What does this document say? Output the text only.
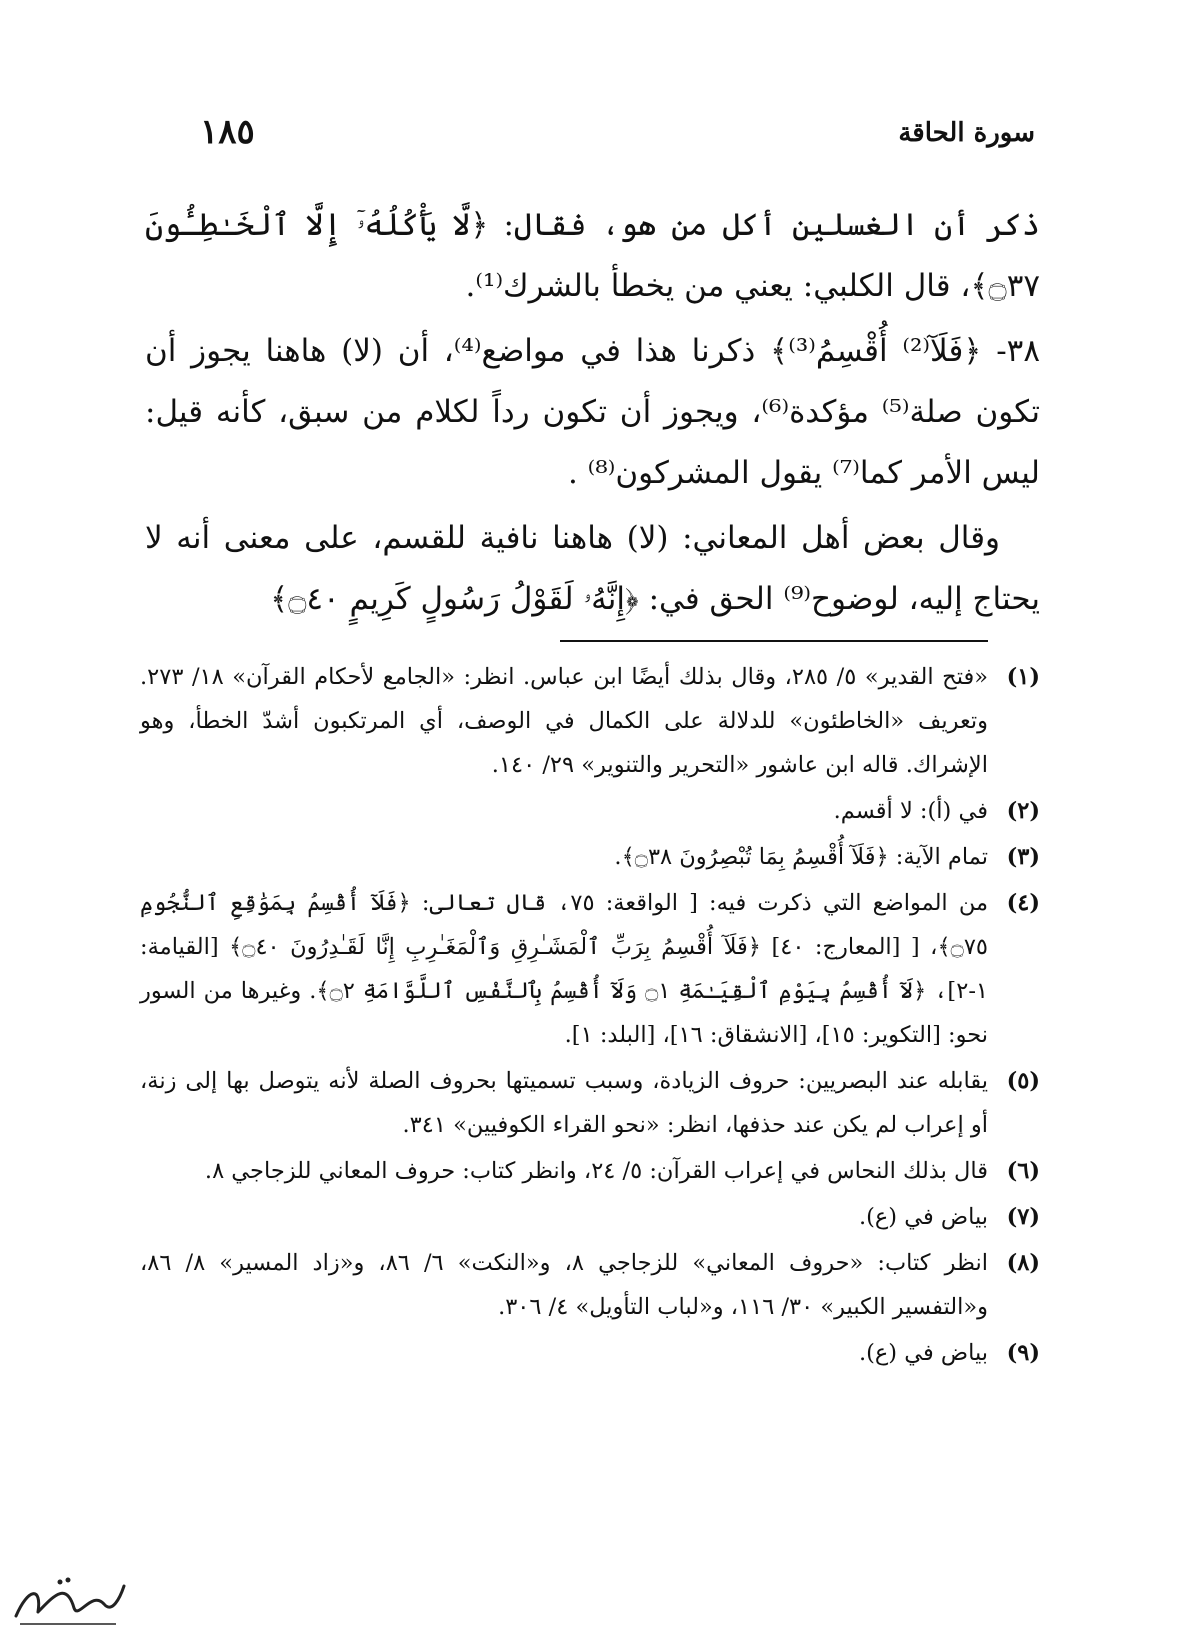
سورة الحاقة
١٨٥

ذكر أن الغسلين أكل من هو، فقال: ﴿لَّا يَأْكُلُهُۥٓ إِلَّا ٱلْخَـٰطِـُٔونَ ۝٣٧﴾، قال الكلبي: يعني من يخطأ بالشرك⁽¹⁾.

٣٨- ﴿فَلَآ⁽²⁾ أُقْسِمُ⁽³⁾﴾ ذكرنا هذا في مواضع⁽⁴⁾، أن (لا) هاهنا يجوز أن تكون صلة⁽⁵⁾ مؤكدة⁽⁶⁾، ويجوز أن تكون رداً لكلام من سبق، كأنه قيل: ليس الأمر كما⁽⁷⁾ يقول المشركون⁽⁸⁾ .

وقال بعض أهل المعاني: (لا) هاهنا نافية للقسم، على معنى أنه لا يحتاج إليه، لوضوح⁽⁹⁾ الحق في: ﴿إِنَّهُۥ لَقَوْلُ رَسُولٍ كَرِيمٍ ۝٤٠﴾

(١)
«فتح القدير» ٥/ ٢٨٥، وقال بذلك أيضًا ابن عباس. انظر: «الجامع لأحكام القرآن» ١٨/ ٢٧٣. وتعريف «الخاطئون» للدلالة على الكمال في الوصف، أي المرتكبون أشدّ الخطأ، وهو الإشراك. قاله ابن عاشور «التحرير والتنوير» ٢٩/ ١٤٠.
(٢)
في (أ): لا أقسم.
(٣)
تمام الآية: ﴿فَلَآ أُقْسِمُ بِمَا تُبْصِرُونَ ۝٣٨﴾.
(٤)
من المواضع التي ذكرت فيه: [ الواقعة: ٧٥، قال تعالى: ﴿فَلَآ أُقْسِمُ بِمَوَٰقِعِ ٱلنُّجُومِ ۝٧٥﴾، [ [المعارج: ٤٠] ﴿فَلَآ أُقْسِمُ بِرَبِّ ٱلْمَشَـٰرِقِ وَٱلْمَغَـٰرِبِ إِنَّا لَقَـٰدِرُونَ ۝٤٠﴾ [القيامة: ١-٢]، ﴿لَآ أُقْسِمُ بِيَوْمِ ٱلْقِيَـٰمَةِ ۝١ وَلَآ أُقْسِمُ بِٱلنَّفْسِ ٱللَّوَّامَةِ ۝٢﴾. وغيرها من السور نحو: [التكوير: ١٥]، [الانشقاق: ١٦]، [البلد: ١].
(٥)
يقابله عند البصريين: حروف الزيادة، وسبب تسميتها بحروف الصلة لأنه يتوصل بها إلى زنة، أو إعراب لم يكن عند حذفها، انظر: «نحو القراء الكوفيين» ٣٤١.
(٦)
قال بذلك النحاس في إعراب القرآن: ٥/ ٢٤، وانظر كتاب: حروف المعاني للزجاجي ٨.
(٧)
بياض في (ع).
(٨)
انظر كتاب: «حروف المعاني» للزجاجي ٨، و«النكت» ٦/ ٨٦، و«زاد المسير» ٨/ ٨٦، و«التفسير الكبير» ٣٠/ ١١٦، و«لباب التأويل» ٤/ ٣٠٦.
(٩)
بياض في (ع).
